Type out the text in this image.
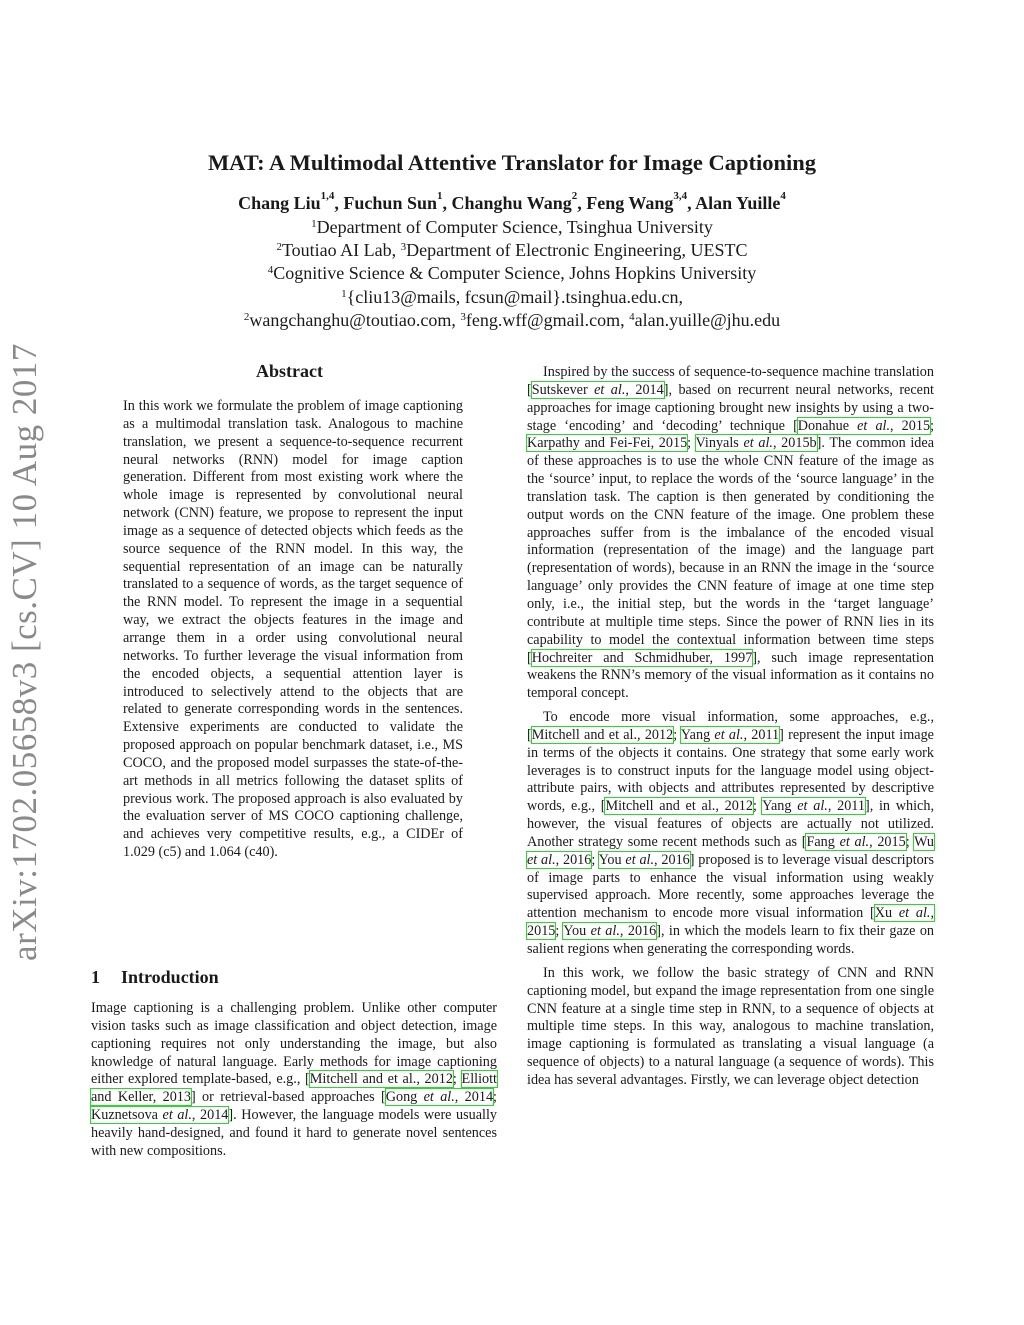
arXiv:1702.05658v3 [cs.CV] 10 Aug 2017
MAT: A Multimodal Attentive Translator for Image Captioning
Chang Liu$^{1,4}$, Fuchun Sun$^1$, Changhu Wang$^2$, Feng Wang$^{3,4}$, Alan Yuille$^4$
$^1$Department of Computer Science, Tsinghua University
$^2$Toutiao AI Lab, $^3$Department of Electronic Engineering, UESTC
$^4$Cognitive Science & Computer Science, Johns Hopkins University
$^1${cliu13@mails, fcsun@mail}.tsinghua.edu.cn,
$^2$wangchanghu@toutiao.com, $^3$feng.wff@gmail.com, $^4$alan.yuille@jhu.edu
Abstract

In this work we formulate the problem of image captioning as a multimodal translation task. Analogous to machine translation, we present a sequence-to-sequence recurrent neural networks (RNN) model for image caption generation. Different from most existing work where the whole image is represented by convolutional neural network (CNN) feature, we propose to represent the input image as a sequence of detected objects which feeds as the source sequence of the RNN model. In this way, the sequential representation of an image can be naturally translated to a sequence of words, as the target sequence of the RNN model. To represent the image in a sequential way, we extract the objects features in the image and arrange them in a order using convolutional neural networks. To further leverage the visual information from the encoded objects, a sequential attention layer is introduced to selectively attend to the objects that are related to generate corresponding words in the sentences. Extensive experiments are conducted to validate the proposed approach on popular benchmark dataset, i.e., MS COCO, and the proposed model surpasses the state-of-the-art methods in all metrics following the dataset splits of previous work. The proposed approach is also evaluated by the evaluation server of MS COCO captioning challenge, and achieves very competitive results, e.g., a CIDEr of 1.029 (c5) and 1.064 (c40).

1 Introduction

Image captioning is a challenging problem. Unlike other computer vision tasks such as image classification and object detection, image captioning requires not only understanding the image, but also knowledge of natural language. Early methods for image captioning either explored template-based, e.g., [Mitchell and et al., 2012; Elliott and Keller, 2013] or retrieval-based approaches [Gong et al., 2014; Kuznetsova et al., 2014]. However, the language models were usually heavily hand-designed, and found it hard to generate novel sentences with new compositions.

Inspired by the success of sequence-to-sequence machine translation [Sutskever et al., 2014], based on recurrent neural networks, recent approaches for image captioning brought new insights by using a two-stage ‘encoding’ and ‘decoding’ technique [Donahue et al., 2015; Karpathy and Fei-Fei, 2015; Vinyals et al., 2015b]. The common idea of these approaches is to use the whole CNN feature of the image as the ‘source’ input, to replace the words of the ‘source language’ in the translation task. The caption is then generated by conditioning the output words on the CNN feature of the image. One problem these approaches suffer from is the imbalance of the encoded visual information (representation of the image) and the language part (representation of words), because in an RNN the image in the ‘source language’ only provides the CNN feature of image at one time step only, i.e., the initial step, but the words in the ‘target language’ contribute at multiple time steps. Since the power of RNN lies in its capability to model the contextual information between time steps [Hochreiter and Schmidhuber, 1997], such image representation weakens the RNN’s memory of the visual information as it contains no temporal concept.

To encode more visual information, some approaches, e.g., [Mitchell and et al., 2012; Yang et al., 2011] represent the input image in terms of the objects it contains. One strategy that some early work leverages is to construct inputs for the language model using object-attribute pairs, with objects and attributes represented by descriptive words, e.g., [Mitchell and et al., 2012; Yang et al., 2011], in which, however, the visual features of objects are actually not utilized. Another strategy some recent methods such as [Fang et al., 2015; Wu et al., 2016; You et al., 2016] proposed is to leverage visual descriptors of image parts to enhance the visual information using weakly supervised approach. More recently, some approaches leverage the attention mechanism to encode more visual information [Xu et al., 2015; You et al., 2016], in which the models learn to fix their gaze on salient regions when generating the corresponding words.

In this work, we follow the basic strategy of CNN and RNN captioning model, but expand the image representation from one single CNN feature at a single time step in RNN, to a sequence of objects at multiple time steps. In this way, analogous to machine translation, image captioning is formulated as translating a visual language (a sequence of objects) to a natural language (a sequence of words). This idea has several advantages. Firstly, we can leverage object detection
